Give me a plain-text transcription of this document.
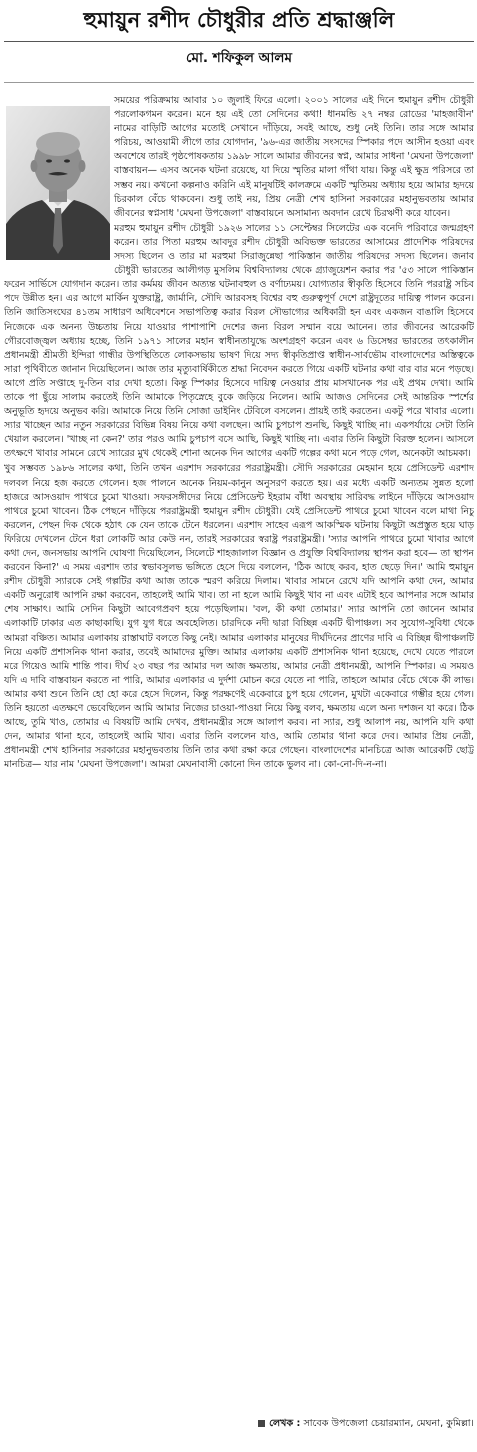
হুমায়ুন রশীদ চৌধুরীর প্রতি শ্রদ্ধাঞ্জলি
মো. শফিকুল আলম

সময়ের পরিক্রমায় আবার ১০ জুলাই ফিরে এলো। ২০০১ সালের এই দিনে হুমায়ুন রশীদ চৌধুরী পরলোকগমন করেন। মনে হয় এই তো সেদিনের কথা! ধানমন্ডি ২৭ নম্বর রোডের 'মাহজাবীন' নামের বাড়িটি আগের মতোই সেখানে দাঁড়িয়ে, সবই আছে, শুধু নেই তিনি। তার সঙ্গে আমার পরিচয়, আওয়ামী লীগে তার যোগদান, '৯৬-এর জাতীয় সংসদের স্পিকার পদে আসীন হওয়া এবং অবশেষে তারই পৃষ্ঠপোষকতায় ১৯৯৮ সালে আমার জীবনের স্বপ্ন, আমার সাধনা 'মেঘনা উপজেলা' বাস্তবায়ন— এসব অনেক ঘটনা রয়েছে, যা দিয়ে স্মৃতির মালা গাঁথা যায়। কিন্তু এই ক্ষুদ্র পরিসরে তা সম্ভব নয়। কখনো কল্পনাও করিনি এই মানুষটিই কালক্রমে একটি স্মৃতিময় অধ্যায় হয়ে আমার হৃদয়ে চিরকাল বেঁচে থাকবেন। শুধু তাই নয়, প্রিয় নেত্রী শেখ হাসিনা সরকারের মহানুভবতায় আমার জীবনের স্বপ্নসাধ 'মেঘনা উপজেলা' বাস্তবায়নে অসামান্য অবদান রেখে চিরঋণী করে যাবেন।

মরহুম হুমায়ুন রশীদ চৌধুরী ১৯২৬ সালের ১১ সেপ্টেম্বর সিলেটের এক বনেদি পরিবারে জন্মগ্রহণ করেন। তার পিতা মরহুম আবদুর রশীদ চৌধুরী অবিভক্ত ভারতের আসামের প্রাদেশিক পরিষদের সদস্য ছিলেন ও তার মা মরহুমা সিরাজুন্নেছা পাকিস্তান জাতীয় পরিষদের সদস্য ছিলেন। জনাব চৌধুরী ভারতের আলীগড় মুসলিম বিশ্ববিদ্যালয় থেকে গ্র্যাজুয়েশন করার পর '৫৩ সালে পাকিস্তান ফরেন সার্ভিসে যোগদান করেন। তার কর্মময় জীবন অত্যন্ত ঘটনাবহুল ও বর্ণাঢ্যময়। যোগ্যতার স্বীকৃতি হিসেবে তিনি পররাষ্ট্র সচিব পদে উন্নীত হন। এর আগে মার্কিন যুক্তরাষ্ট্র, জার্মানি, সৌদি আরবসহ বিশ্বের বহু গুরুত্বপূর্ণ দেশে রাষ্ট্রদূতের দায়িত্ব পালন করেন। তিনি জাতিসংঘের ৪১তম সাধারণ অধিবেশনে সভাপতিত্ব করার বিরল সৌভাগ্যের অধিকারী হন এবং একজন বাঙালি হিসেবে নিজেকে এক অনন্য উচ্চতায় নিয়ে যাওয়ার পাশাপাশি দেশের জন্য বিরল সম্মান বয়ে আনেন। তার জীবনের আরেকটি গৌরবোজ্জ্বল অধ্যায় হচ্ছে, তিনি ১৯৭১ সালের মহান স্বাধীনতাযুদ্ধে অংশগ্রহণ করেন এবং ৬ ডিসেম্বর ভারতের তৎকালীন প্রধানমন্ত্রী শ্রীমতী ইন্দিরা গান্ধীর উপস্থিতিতে লোকসভায় ভাষণ দিয়ে সদ্য স্বীকৃতিপ্রাপ্ত স্বাধীন-সার্বভৌম বাংলাদেশের অস্তিত্বকে সারা পৃথিবীতে জানান দিয়েছিলেন। আজ তার মৃত্যুবার্ষিকীতে শ্রদ্ধা নিবেদন করতে গিয়ে একটি ঘটনার কথা বার বার মনে পড়ছে। আগে প্রতি সপ্তাহে দু-তিন বার দেখা হতো। কিন্তু স্পিকার হিসেবে দায়িত্ব নেওয়ার প্রায় মাসখানেক পর এই প্রথম দেখা। আমি তাকে পা ছুঁয়ে সালাম করতেই তিনি আমাকে পিতৃস্নেহে বুকে জড়িয়ে নিলেন। আমি আজও সেদিনের সেই আন্তরিক স্পর্শের অনুভূতি হৃদয়ে অনুভব করি। আমাকে নিয়ে তিনি সোজা ডাইনিং টেবিলে বসলেন। প্রায়ই তাই করতেন। একটু পরে খাবার এলো। স্যার খাচ্ছেন আর নতুন সরকারের বিভিন্ন বিষয় নিয়ে কথা বলছেন। আমি চুপচাপ শুনছি, কিছুই খাচ্ছি না। একপর্যায়ে সেটা তিনি খেয়াল করলেন। 'খাচ্ছ না কেন?' তার পরও আমি চুপচাপ বসে আছি, কিছুই খাচ্ছি না। এবার তিনি কিছুটা বিরক্ত হলেন। আসলে তৎক্ষণে খাবার সামনে রেখে স্যারের মুখ থেকেই শোনা অনেক দিন আগের একটি গল্পের কথা মনে পড়ে গেল, অনেকটা আচমকা।

খুব সম্ভবত ১৯৮৬ সালের কথা, তিনি তখন এরশাদ সরকারের পররাষ্ট্রমন্ত্রী। সৌদি সরকারের মেহমান হয়ে প্রেসিডেন্ট এরশাদ দলবল নিয়ে হজ করতে গেলেন। হজ পালনে অনেক নিয়ম-কানুন অনুসরণ করতে হয়। এর মধ্যে একটি অন্যতম সুন্নত হলো হাজরে আসওয়াদ পাথরে চুমো খাওয়া। সফরসঙ্গীদের নিয়ে প্রেসিডেন্ট ইহরাম বাঁধা অবস্থায় সারিবদ্ধ লাইনে দাঁড়িয়ে আসওয়াদ পাথরে চুমো খাবেন। ঠিক পেছনে দাঁড়িয়ে পররাষ্ট্রমন্ত্রী হুমায়ুন রশীদ চৌধুরী। যেই প্রেসিডেন্ট পাথরে চুমো খাবেন বলে মাথা নিচু করলেন, পেছন দিক থেকে হঠাৎ কে যেন তাকে টেনে ধরলেন। এরশাদ সাহেব এরূপ আকস্মিক ঘটনায় কিছুটা অপ্রস্তুত হয়ে ঘাড় ফিরিয়ে দেখলেন টেনে ধরা লোকটি আর কেউ নন, তারই সরকারের স্বরাষ্ট্র পররাষ্ট্রমন্ত্রী। 'স্যার আপনি পাথরে চুমো খাবার আগে কথা দেন, জনসভায় আপনি ঘোষণা দিয়েছিলেন, সিলেটে শাহজালাল বিজ্ঞান ও প্রযুক্তি বিশ্ববিদ্যালয় স্থাপন করা হবে— তা স্থাপন করবেন কিনা?' এ সময় এরশাদ তার স্বভাবসুলভ ভঙ্গিতে হেসে দিয়ে বললেন, 'ঠিক আছে করব, হাত ছেড়ে দিন।' আমি হুমায়ুন রশীদ চৌধুরী স্যারকে সেই গল্পটির কথা আজ তাকে স্মরণ করিয়ে দিলাম। খাবার সামনে রেখে যদি আপনি কথা দেন, আমার একটি অনুরোধ আপনি রক্ষা করবেন, তাহলেই আমি খাব। তা না হলে আমি কিছুই খাব না এবং এটাই হবে আপনার সঙ্গে আমার শেষ সাক্ষাৎ। আমি সেদিন কিছুটা আবেগপ্রবণ হয়ে পড়েছিলাম। 'বল, কী কথা তোমার।' স্যার আপনি তো জানেন আমার এলাকাটি ঢাকার এত কাছাকাছি। যুগ যুগ ধরে অবহেলিত। চারদিকে নদী দ্বারা বিচ্ছিন্ন একটি দ্বীপাঞ্চল। সব সুযোগ-সুবিধা থেকে আমরা বঞ্চিত। আমার এলাকায় রাস্তাঘাট বলতে কিছু নেই। আমার এলাকার মানুষের দীর্ঘদিনের প্রাণের দাবি এ বিচ্ছিন্ন দ্বীপাঞ্চলটি নিয়ে একটি প্রশাসনিক থানা করার, তবেই আমাদের মুক্তি। আমার এলাকায় একটি প্রশাসনিক থানা হয়েছে, দেখে যেতে পারলে মরে গিয়েও আমি শান্তি পাব। দীর্ঘ ২৩ বছর পর আমার দল আজ ক্ষমতায়, আমার নেত্রী প্রধানমন্ত্রী, আপনি স্পিকার। এ সময়ও যদি এ দাবি বাস্তবায়ন করতে না পারি, আমার এলাকার এ দুর্দশা মোচন করে যেতে না পারি, তাহলে আমার বেঁচে থেকে কী লাভ। আমার কথা শুনে তিনি হো হো করে হেসে দিলেন, কিন্তু পরক্ষণেই একেবারে চুপ হয়ে গেলেন, মুখটা একেবারে গম্ভীর হয়ে গেল। তিনি হয়তো এতক্ষণে ভেবেছিলেন আমি আমার নিজের চাওয়া-পাওয়া নিয়ে কিছু বলব, ক্ষমতায় এলে অন্য দশজন যা করে। ঠিক আছে, তুমি খাও, তোমার এ বিষয়টি আমি দেখব, প্রধানমন্ত্রীর সঙ্গে আলাপ করব। না স্যার, শুধু আলাপ নয়, আপনি যদি কথা দেন, আমার থানা হবে, তাহলেই আমি খাব। এবার তিনি বললেন যাও, আমি তোমার থানা করে দেব। আমার প্রিয় নেত্রী, প্রধানমন্ত্রী শেখ হাসিনার সরকারের মহানুভবতায় তিনি তার কথা রক্ষা করে গেছেন। বাংলাদেশের মানচিত্রে আজ আরেকটি ছোট্ট মানচিত্র— যার নাম 'মেঘনা উপজেলা'। আমরা মেঘনাবাসী কোনো দিন তাকে ভুলব না। কো-নো-দি-ন-না।

লেখক : সাবেক উপজেলা চেয়ারম্যান, মেঘনা, কুমিল্লা।
